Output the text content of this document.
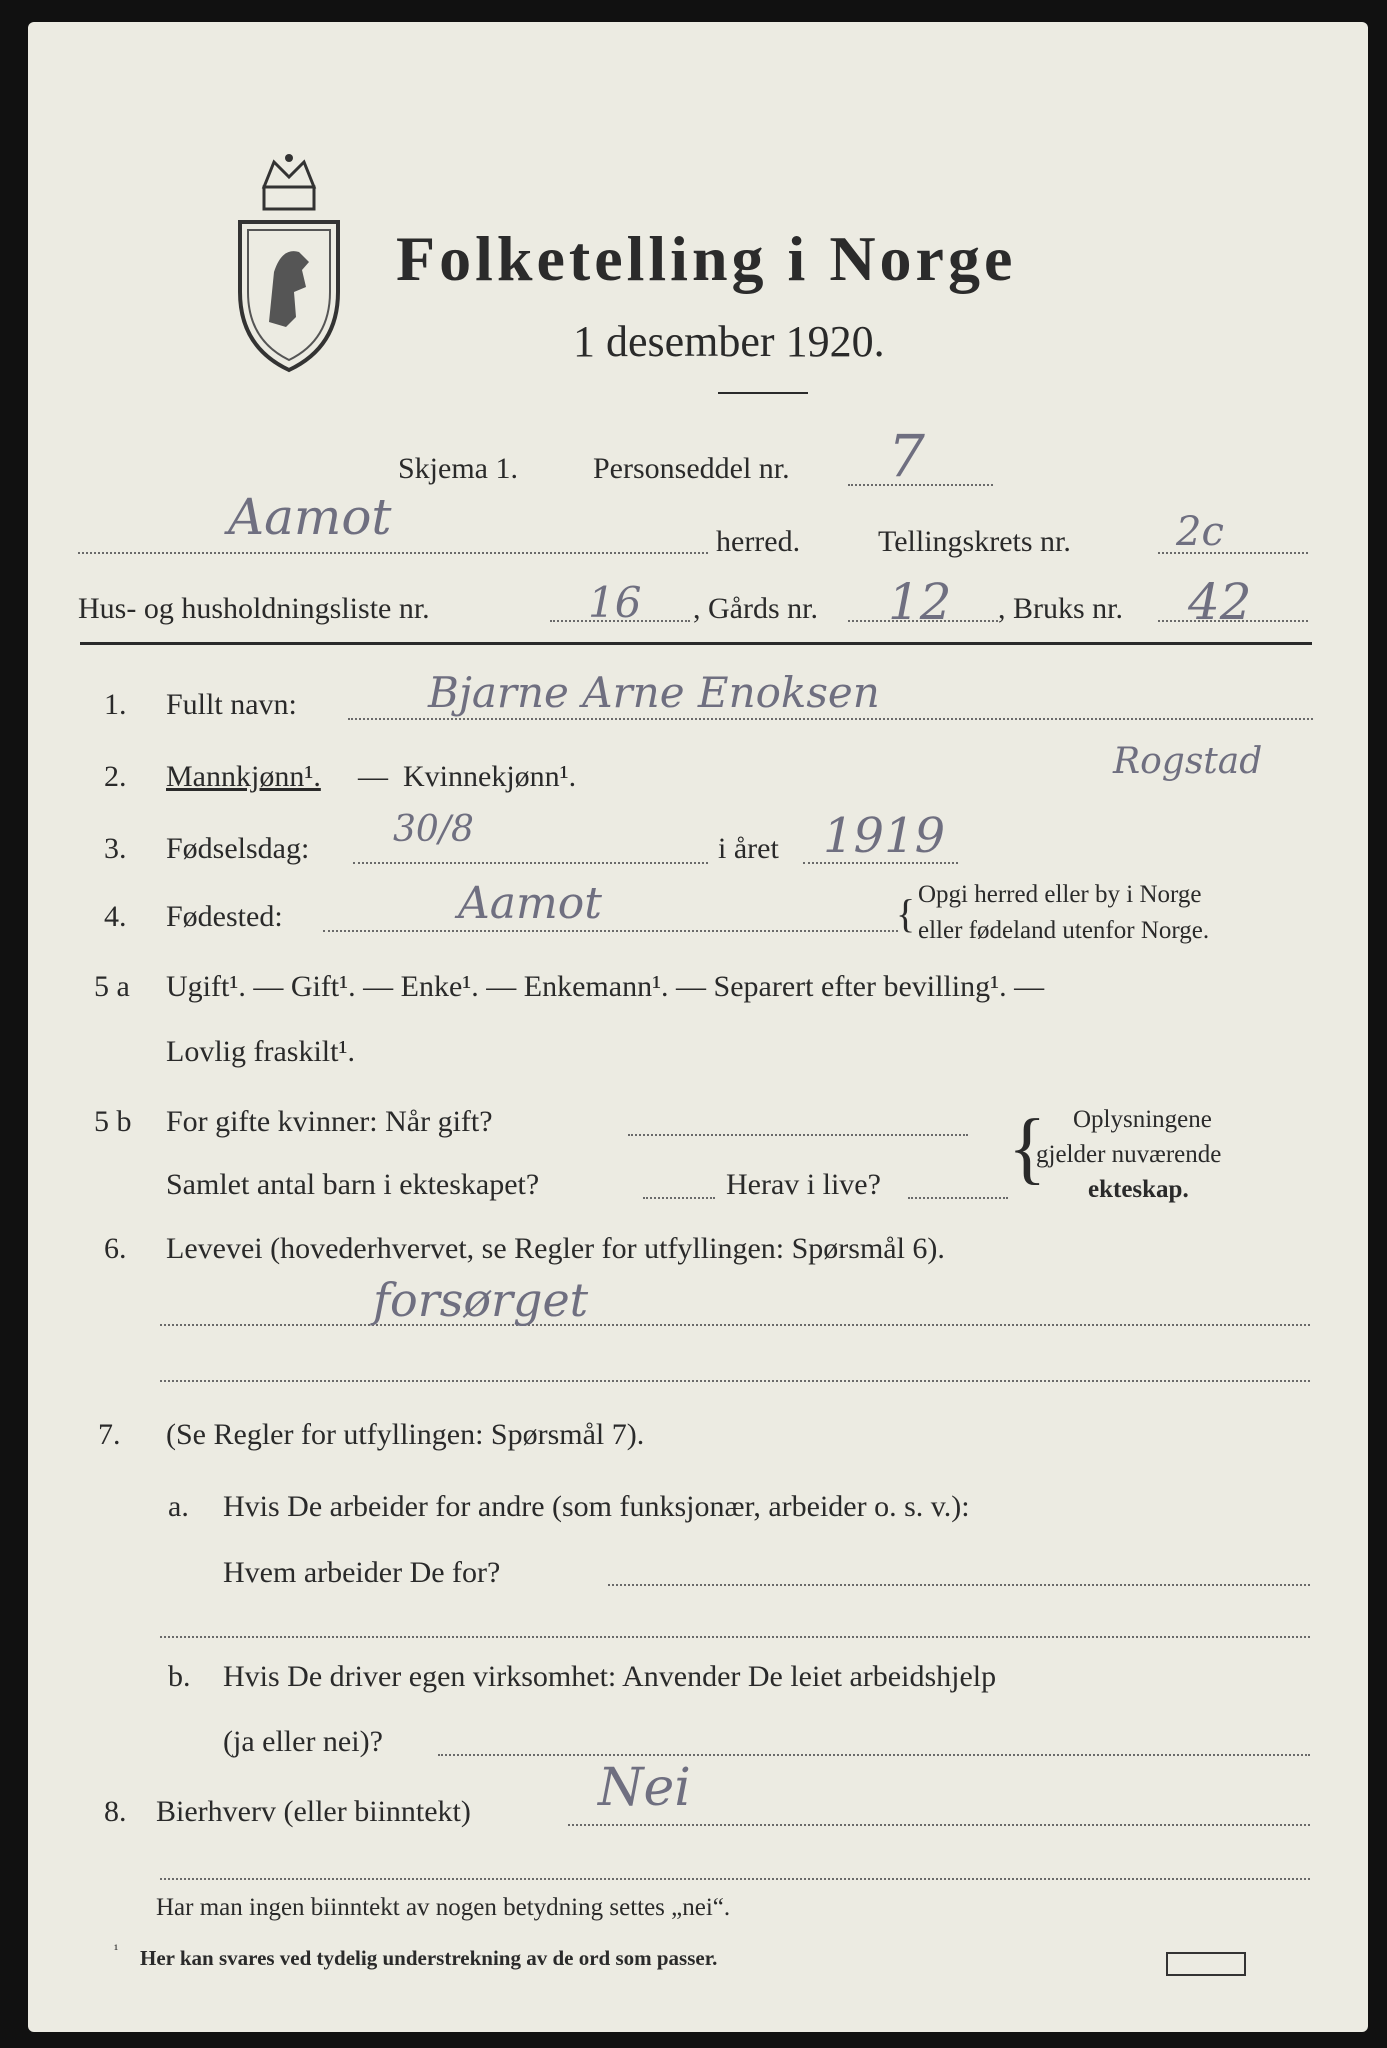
Folketelling i Norge
1 desember 1920.
Skjema 1.	Personseddel nr. 7
Aamot	herred.	Tellingskrets nr.	2c
Hus- og husholdningsliste nr.	16 , Gårds nr. 12 , Bruks nr. 42
1. Fullt navn:	Bjarne Arne Enoksen
Rogstad
2. Mannkjønn¹. — Kvinnekjønn¹.
3. Fødselsdag: 30/8	i året 1919
4. Fødested:	Aamot	{ Opgi herred eller by i Norge
eller fødeland utenfor Norge.
5 a Ugift¹. — Gift¹. — Enke¹. — Enkemann¹. — Separert efter bevilling¹. —
Lovlig fraskilt¹.
5 b For gifte kvinner: Når gift?
Samlet antal barn i ekteskapet?	Herav i live? { Oplysningene
gjelder nuværende
ekteskap.
6. Levevei (hovederhvervet, se Regler for utfyllingen: Spørsmål 6).
forsørget
7. (Se Regler for utfyllingen: Spørsmål 7).
a. Hvis De arbeider for andre (som funksjonær, arbeider o. s. v.):
Hvem arbeider De for?
b. Hvis De driver egen virksomhet: Anvender De leiet arbeidshjelp
(ja eller nei)?
8. Bierhverv (eller biinntekt) Nei
Har man ingen biinntekt av nogen betydning settes „nei“.
¹ Her kan svares ved tydelig understrekning av de ord som passer.
